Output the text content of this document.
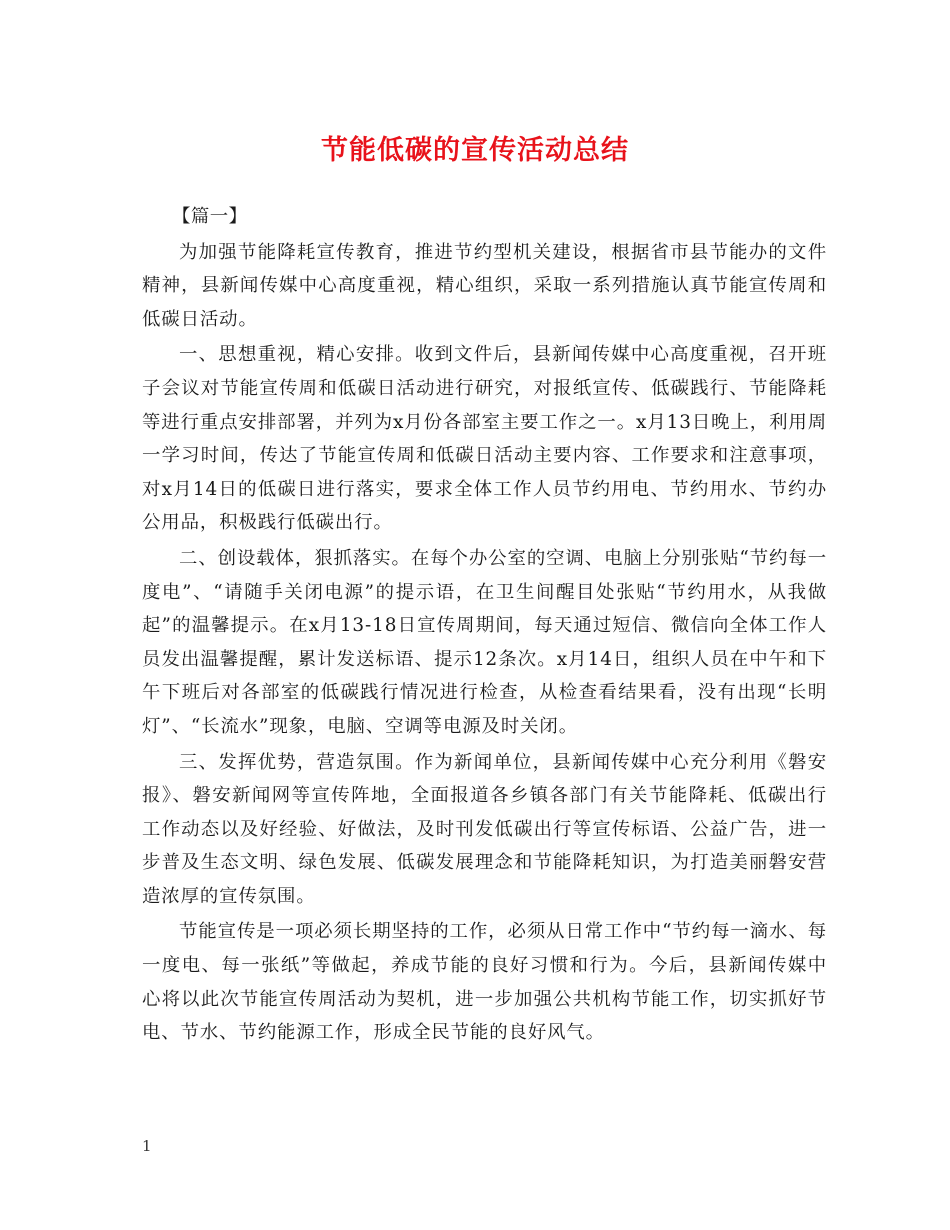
节能低碳的宣传活动总结

【篇一】

为加强节能降耗宣传教育，推进节约型机关建设，根据省市县节能办的文件精神，县新闻传媒中心高度重视，精心组织，采取一系列措施认真节能宣传周和低碳日活动。

一、思想重视，精心安排。收到文件后，县新闻传媒中心高度重视，召开班子会议对节能宣传周和低碳日活动进行研究，对报纸宣传、低碳践行、节能降耗等进行重点安排部署，并列为x月份各部室主要工作之一。x月13日晚上，利用周一学习时间，传达了节能宣传周和低碳日活动主要内容、工作要求和注意事项，对x月14日的低碳日进行落实，要求全体工作人员节约用电、节约用水、节约办公用品，积极践行低碳出行。

二、创设载体，狠抓落实。在每个办公室的空调、电脑上分别张贴“节约每一度电”、“请随手关闭电源”的提示语，在卫生间醒目处张贴“节约用水，从我做起”的温馨提示。在x月13-18日宣传周期间，每天通过短信、微信向全体工作人员发出温馨提醒，累计发送标语、提示12条次。x月14日，组织人员在中午和下午下班后对各部室的低碳践行情况进行检查，从检查看结果看，没有出现“长明灯”、“长流水”现象，电脑、空调等电源及时关闭。

三、发挥优势，营造氛围。作为新闻单位，县新闻传媒中心充分利用《磐安报》、磐安新闻网等宣传阵地，全面报道各乡镇各部门有关节能降耗、低碳出行工作动态以及好经验、好做法，及时刊发低碳出行等宣传标语、公益广告，进一步普及生态文明、绿色发展、低碳发展理念和节能降耗知识，为打造美丽磐安营造浓厚的宣传氛围。

节能宣传是一项必须长期坚持的工作，必须从日常工作中“节约每一滴水、每一度电、每一张纸”等做起，养成节能的良好习惯和行为。今后，县新闻传媒中心将以此次节能宣传周活动为契机，进一步加强公共机构节能工作，切实抓好节电、节水、节约能源工作，形成全民节能的良好风气。

1
